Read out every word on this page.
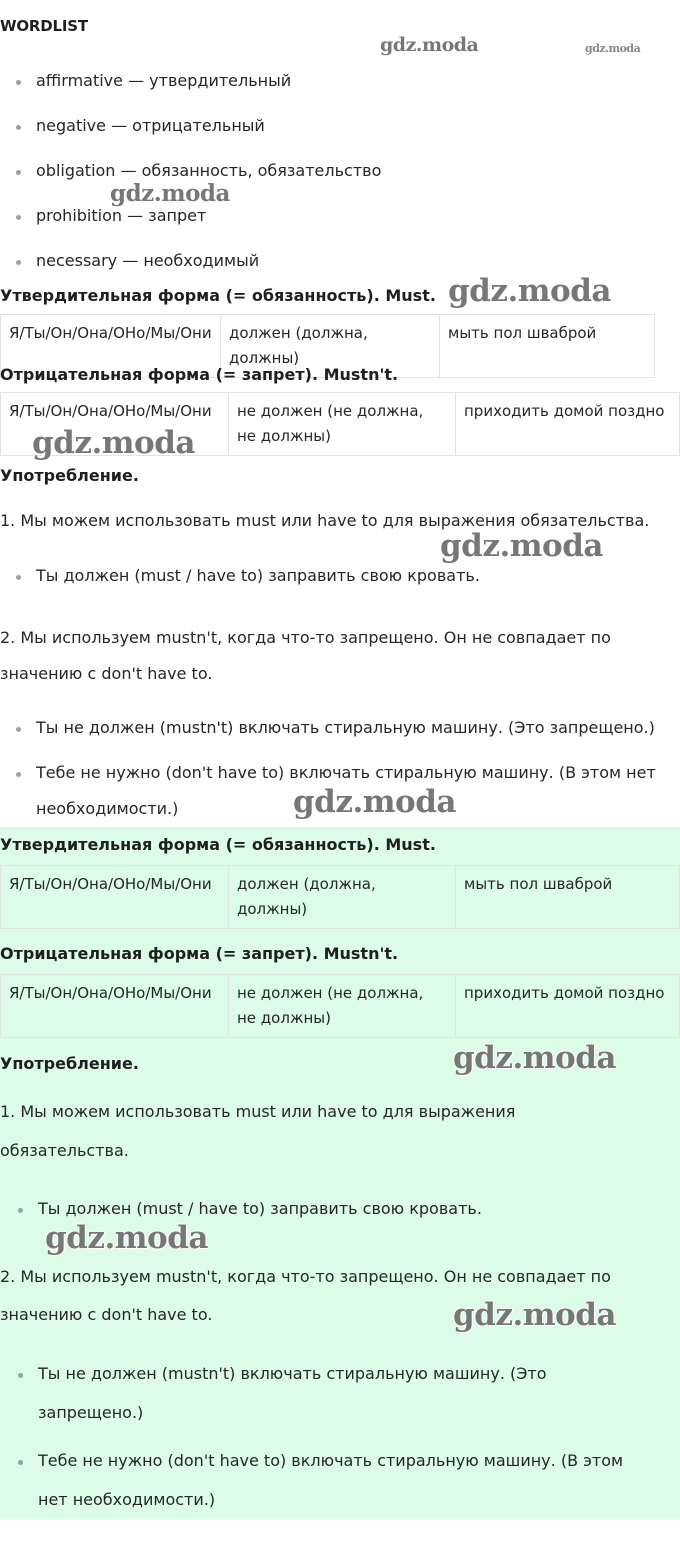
WORDLIST
affirmative — утвердительный
negative — отрицательный
obligation — обязанность, обязательство
prohibition — запрет
necessary — необходимый
Утвердительная форма (= обязанность). Must.
Я/Ты/Он/Она/ОНо/Мы/Они	должен (должна, должны)	мыть пол шваброй
Отрицательная форма (= запрет). Mustn't.
Я/Ты/Он/Она/ОНо/Мы/Они	не должен (не должна, не должны)	приходить домой поздно
Употребление.
1. Мы можем использовать must или have to для выражения обязательства.
Ты должен (must / have to) заправить свою кровать.
2. Мы используем mustn't, когда что-то запрещено. Он не совпадает по
значению с don't have to.
Ты не должен (mustn't) включать стиральную машину. (Это запрещено.)
Тебе не нужно (don't have to) включать стиральную машину. (В этом нет
необходимости.)
Утвердительная форма (= обязанность). Must.
Я/Ты/Он/Она/ОНо/Мы/Они	должен (должна, должны)	мыть пол шваброй
Отрицательная форма (= запрет). Mustn't.
Я/Ты/Он/Она/ОНо/Мы/Они	не должен (не должна, не должны)	приходить домой поздно
Употребление.
1. Мы можем использовать must или have to для выражения
обязательства.
Ты должен (must / have to) заправить свою кровать.
2. Мы используем mustn't, когда что-то запрещено. Он не совпадает по
значению с don't have to.
Ты не должен (mustn't) включать стиральную машину. (Это
запрещено.)
Тебе не нужно (don't have to) включать стиральную машину. (В этом
нет необходимости.)
gdz.moda	gdz.moda
gdz.moda
gdz.moda
gdz.moda
gdz.moda
gdz.moda
gdz.moda
gdz.moda
gdz.moda
